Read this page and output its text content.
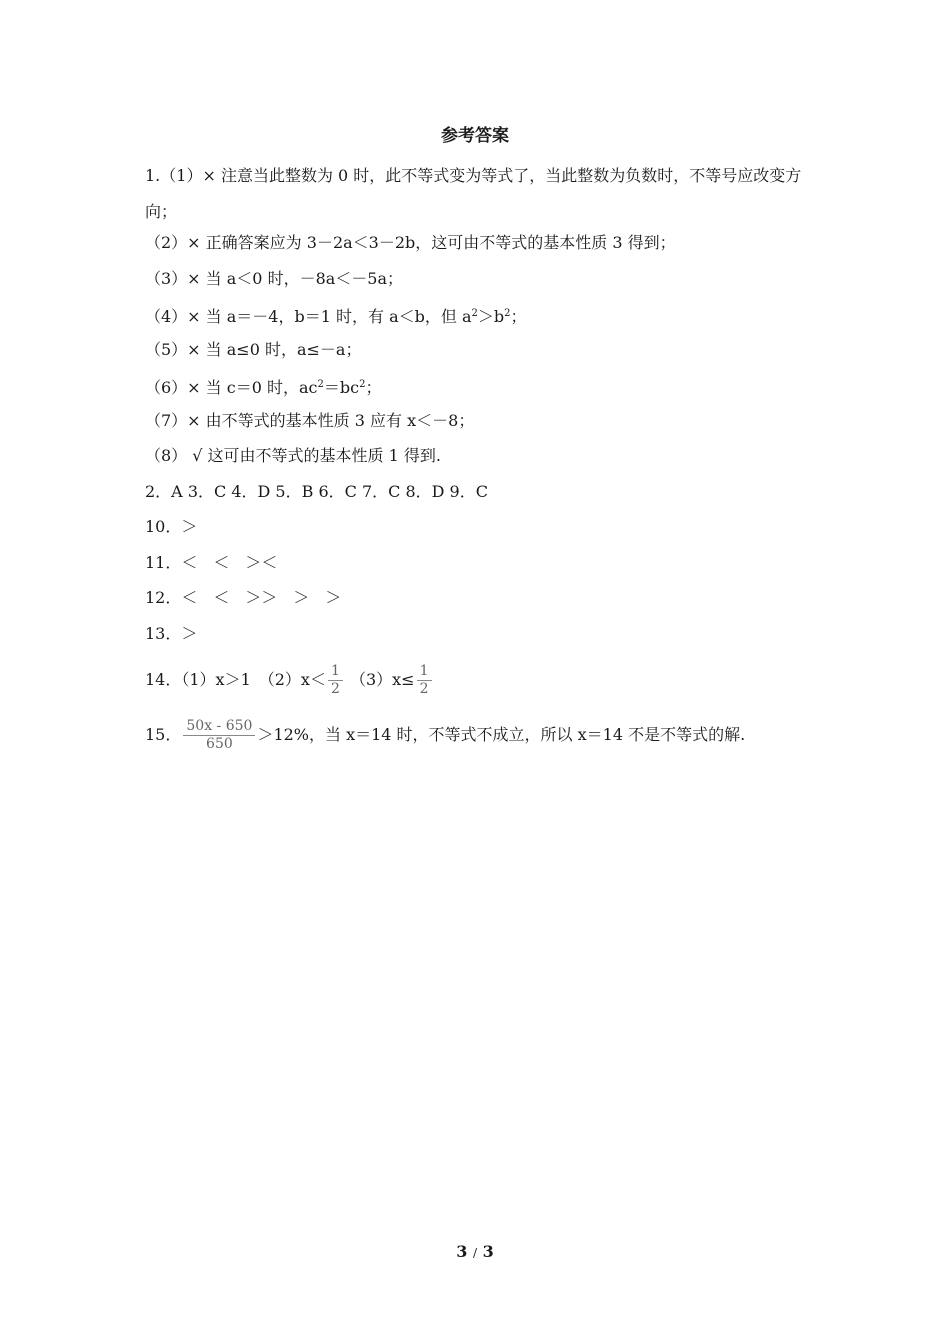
参考答案
1.（1）× 注意当此整数为 0 时，此不等式变为等式了，当此整数为负数时，不等号应改变方向；
（2）× 正确答案应为 3－2a＜3－2b，这可由不等式的基本性质 3 得到；
（3）× 当 a＜0 时，－8a＜－5a；
（4）× 当 a＝－4，b＝1 时，有 a＜b，但 $a^2>b^2$；
（5）× 当 a≤0 时，a≤－a；
（6）× 当 c＝0 时，$ac^2=bc^2$；
（7）× 由不等式的基本性质 3 应有 x＜－8；
（8） √ 这可由不等式的基本性质 1 得到.
2．A 3．C 4．D 5．B 6．C 7．C 8．D 9．C
10．＞
11．＜　＜　＞＜
12．＜　＜　＞＞　＞　＞
13．＞
14．（1）x＞1　$(2)x< \frac{1}{2} (3)x\le \frac{1}{2}$
15． $\frac{50x - 650}{650} >12\%$，当 x＝14 时，不等式不成立，所以 x＝14 不是不等式的解.
3 / 3
